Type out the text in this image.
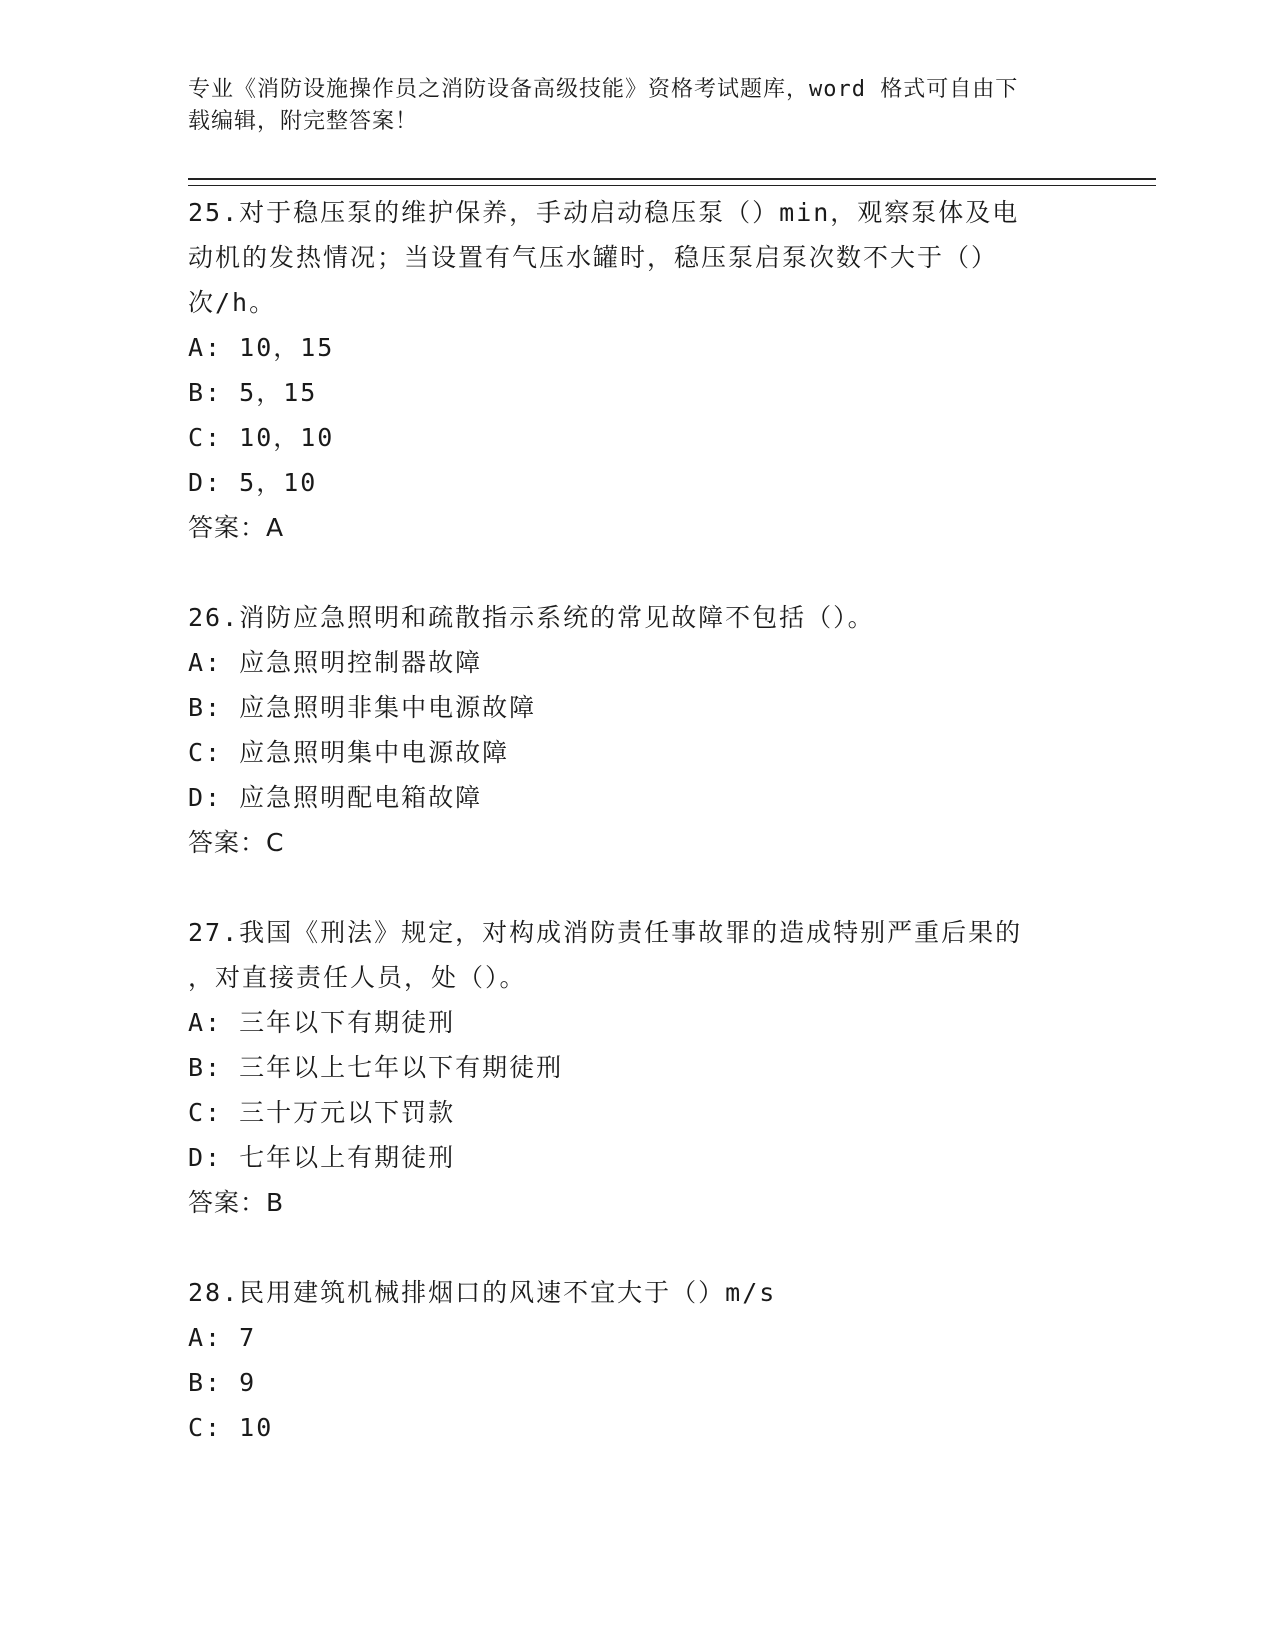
专业《消防设施操作员之消防设备高级技能》资格考试题库，word 格式可自由下
载编辑，附完整答案！
25.对于稳压泵的维护保养，手动启动稳压泵（）min，观察泵体及电
动机的发热情况；当设置有气压水罐时，稳压泵启泵次数不大于（）
次/h。
A: 10，15
B: 5，15
C: 10，10
D: 5，10
答案：A
26.消防应急照明和疏散指示系统的常见故障不包括（）。
A: 应急照明控制器故障
B: 应急照明非集中电源故障
C: 应急照明集中电源故障
D: 应急照明配电箱故障
答案：C
27.我国《刑法》规定，对构成消防责任事故罪的造成特别严重后果的
，对直接责任人员，处（）。
A: 三年以下有期徒刑
B: 三年以上七年以下有期徒刑
C: 三十万元以下罚款
D: 七年以上有期徒刑
答案：B
28.民用建筑机械排烟口的风速不宜大于（）m/s
A: 7
B: 9
C: 10
